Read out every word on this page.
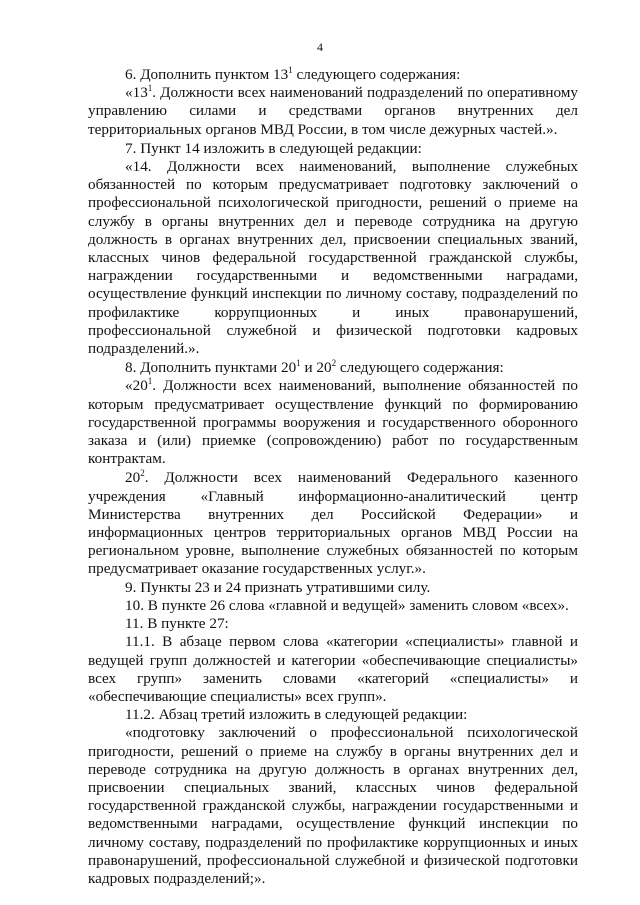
4

6. Дополнить пунктом $13^1$ следующего содержания:

«$13^1$. Должности всех наименований подразделений по оперативному управлению силами и средствами органов внутренних дел территориальных органов МВД России, в том числе дежурных частей.».

7. Пункт 14 изложить в следующей редакции:

«14. Должности всех наименований, выполнение служебных обязанностей по которым предусматривает подготовку заключений о профессиональной психологической пригодности, решений о приеме на службу в органы внутренних дел и переводе сотрудника на другую должность в органах внутренних дел, присвоении специальных званий, классных чинов федеральной государственной гражданской службы, награждении государственными и ведомственными наградами, осуществление функций инспекции по личному составу, подразделений по профилактике коррупционных и иных правонарушений, профессиональной служебной и физической подготовки кадровых подразделений.».

8. Дополнить пунктами $20^1$ и $20^2$ следующего содержания:

«$20^1$. Должности всех наименований, выполнение обязанностей по которым предусматривает осуществление функций по формированию государственной программы вооружения и государственного оборонного заказа и (или) приемке (сопровождению) работ по государственным контрактам.

$20^2$. Должности всех наименований Федерального казенного учреждения «Главный информационно-аналитический центр Министерства внутренних дел Российской Федерации» и информационных центров территориальных органов МВД России на региональном уровне, выполнение служебных обязанностей по которым предусматривает оказание государственных услуг.».

9. Пункты 23 и 24 признать утратившими силу.

10. В пункте 26 слова «главной и ведущей» заменить словом «всех».

11. В пункте 27:

11.1. В абзаце первом слова «категории «специалисты» главной и ведущей групп должностей и категории «обеспечивающие специалисты» всех групп» заменить словами «категорий «специалисты» и «обеспечивающие специалисты» всех групп».

11.2. Абзац третий изложить в следующей редакции:

«подготовку заключений о профессиональной психологической пригодности, решений о приеме на службу в органы внутренних дел и переводе сотрудника на другую должность в органах внутренних дел, присвоении специальных званий, классных чинов федеральной государственной гражданской службы, награждении государственными и ведомственными наградами, осуществление функций инспекции по личному составу, подразделений по профилактике коррупционных и иных правонарушений, профессиональной служебной и физической подготовки кадровых подразделений;».
